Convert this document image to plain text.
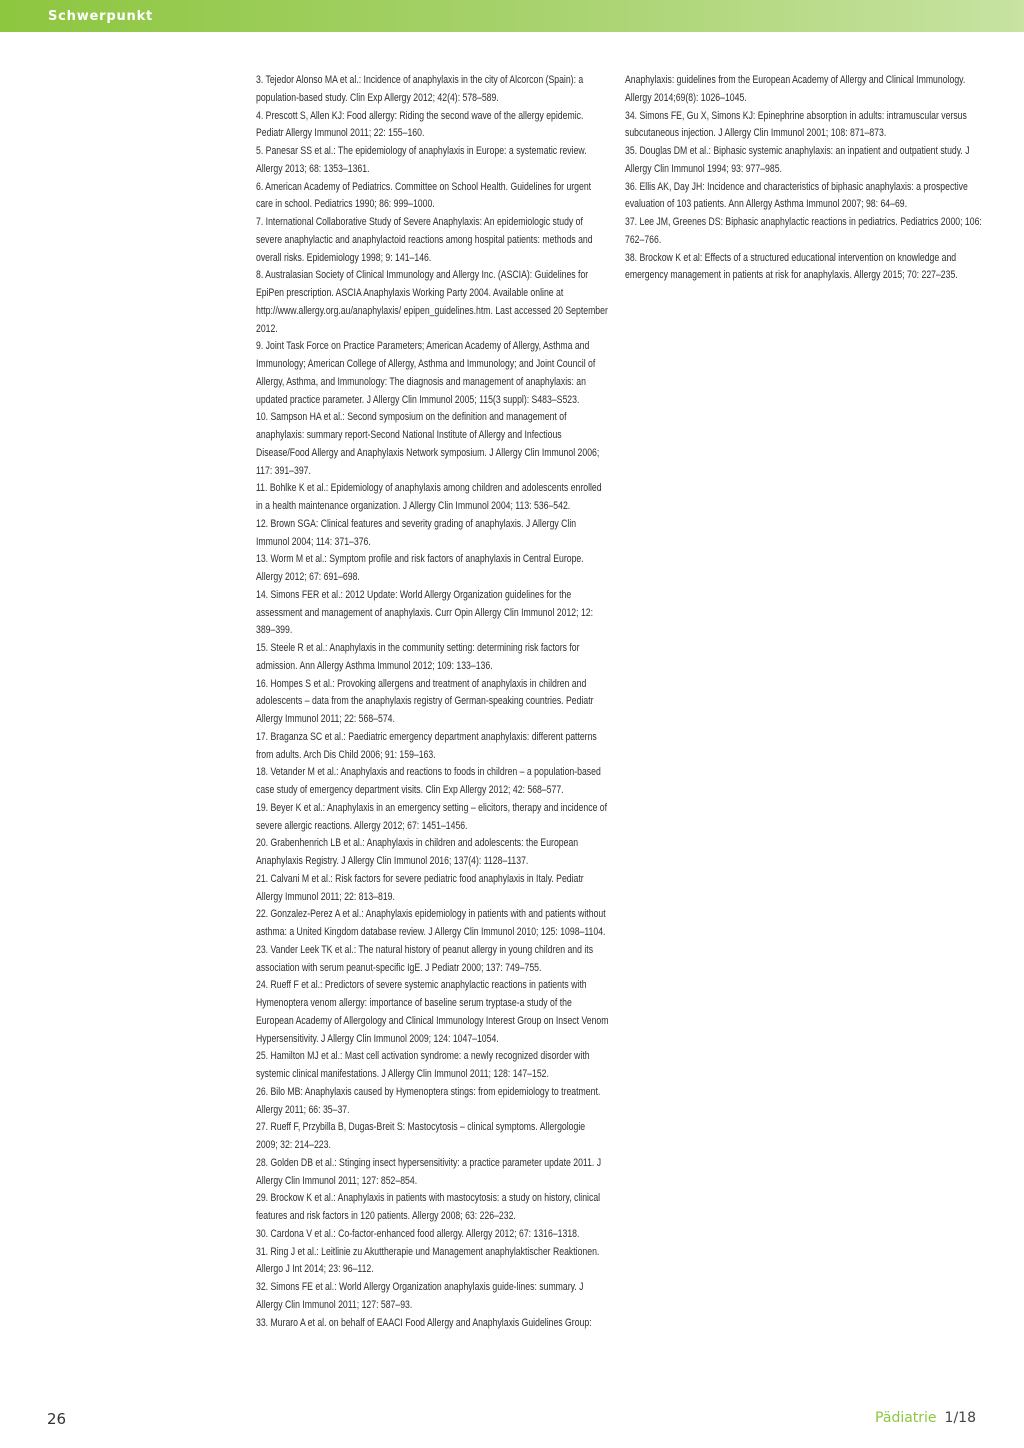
Schwerpunkt

3. Tejedor Alonso MA et al.: Incidence of anaphylaxis in the city of Alcorcon (Spain): a population-based study. Clin Exp Allergy 2012; 42(4): 578–589.

4. Prescott S, Allen KJ: Food allergy: Riding the second wave of the allergy epidemic. Pediatr Allergy Immunol 2011; 22: 155–160.

5. Panesar SS et al.: The epidemiology of anaphylaxis in Europe: a systematic review. Allergy 2013; 68: 1353–1361.

6. American Academy of Pediatrics. Committee on School Health. Guidelines for urgent care in school. Pediatrics 1990; 86: 999–1000.

7. International Collaborative Study of Severe Anaphylaxis: An epidemiologic study of severe anaphylactic and anaphylactoid reactions among hospital patients: methods and overall risks. Epidemiology 1998; 9: 141–146.

8. Australasian Society of Clinical Immunology and Allergy Inc. (ASCIA): Guidelines for EpiPen prescription. ASCIA Anaphylaxis Working Party 2004. Available online at http://www.allergy.org.au/anaphylaxis/ epipen_guidelines.htm. Last accessed 20 September 2012.

9. Joint Task Force on Practice Parameters; American Academy of Allergy, Asthma and Immunology; American College of Allergy, Asthma and Immunology; and Joint Council of Allergy, Asthma, and Immunology: The diagnosis and management of anaphylaxis: an updated practice parameter. J Allergy Clin Immunol 2005; 115(3 suppl): S483–S523.

10. Sampson HA et al.: Second symposium on the definition and management of anaphylaxis: summary report-Second National Institute of Allergy and Infectious Disease/Food Allergy and Anaphylaxis Network symposium. J Allergy Clin Immunol 2006; 117: 391–397.

11. Bohlke K et al.: Epidemiology of anaphylaxis among children and adolescents enrolled in a health maintenance organization. J Allergy Clin Immunol 2004; 113: 536–542.

12. Brown SGA: Clinical features and severity grading of anaphylaxis. J Allergy Clin Immunol 2004; 114: 371–376.

13. Worm M et al.: Symptom profile and risk factors of anaphylaxis in Central Europe. Allergy 2012; 67: 691–698.

14. Simons FER et al.: 2012 Update: World Allergy Organization guidelines for the assessment and management of anaphylaxis. Curr Opin Allergy Clin Immunol 2012; 12: 389–399.

15. Steele R et al.: Anaphylaxis in the community setting: determining risk factors for admission. Ann Allergy Asthma Immunol 2012; 109: 133–136.

16. Hompes S et al.: Provoking allergens and treatment of anaphylaxis in children and adolescents – data from the anaphylaxis registry of German-speaking countries. Pediatr Allergy Immunol 2011; 22: 568–574.

17. Braganza SC et al.: Paediatric emergency department anaphylaxis: different patterns from adults. Arch Dis Child 2006; 91: 159–163.

18. Vetander M et al.: Anaphylaxis and reactions to foods in children – a population-based case study of emergency department visits. Clin Exp Allergy 2012; 42: 568–577.

19. Beyer K et al.: Anaphylaxis in an emergency setting – elicitors, therapy and incidence of severe allergic reactions. Allergy 2012; 67: 1451–1456.

20. Grabenhenrich LB et al.: Anaphylaxis in children and adolescents: the European Anaphylaxis Registry. J Allergy Clin Immunol 2016; 137(4): 1128–1137.

21. Calvani M et al.: Risk factors for severe pediatric food anaphylaxis in Italy. Pediatr Allergy Immunol 2011; 22: 813–819.

22. Gonzalez-Perez A et al.: Anaphylaxis epidemiology in patients with and patients without asthma: a United Kingdom database review. J Allergy Clin Immunol 2010; 125: 1098–1104.

23. Vander Leek TK et al.: The natural history of peanut allergy in young children and its association with serum peanut-specific IgE. J Pediatr 2000; 137: 749–755.

24. Rueff F et al.: Predictors of severe systemic anaphylactic reactions in patients with Hymenoptera venom allergy: importance of baseline serum tryptase-a study of the European Academy of Allergology and Clinical Immunology Interest Group on Insect Venom Hypersensitivity. J Allergy Clin Immunol 2009; 124: 1047–1054.

25. Hamilton MJ et al.: Mast cell activation syndrome: a newly recognized disorder with systemic clinical manifestations. J Allergy Clin Immunol 2011; 128: 147–152.

26. Bilo MB: Anaphylaxis caused by Hymenoptera stings: from epidemiology to treatment. Allergy 2011; 66: 35–37.

27. Rueff F, Przybilla B, Dugas-Breit S: Mastocytosis – clinical symptoms. Allergologie 2009; 32: 214–223.

28. Golden DB et al.: Stinging insect hypersensitivity: a practice parameter update 2011. J Allergy Clin Immunol 2011; 127: 852–854.

29. Brockow K et al.: Anaphylaxis in patients with mastocytosis: a study on history, clinical features and risk factors in 120 patients. Allergy 2008; 63: 226–232.

30. Cardona V et al.: Co-factor-enhanced food allergy. Allergy 2012; 67: 1316–1318.

31. Ring J et al.: Leitlinie zu Akuttherapie und Management anaphylaktischer Reaktionen. Allergo J Int 2014; 23: 96–112.

32. Simons FE et al.: World Allergy Organization anaphylaxis guide-lines: summary. J Allergy Clin Immunol 2011; 127: 587–93.

33. Muraro A et al. on behalf of EAACI Food Allergy and Anaphylaxis Guidelines Group:

Anaphylaxis: guidelines from the European Academy of Allergy and Clinical Immunology. Allergy 2014;69(8): 1026–1045.

34. Simons FE, Gu X, Simons KJ: Epinephrine absorption in adults: intramuscular versus subcutaneous injection. J Allergy Clin Immunol 2001; 108: 871–873.

35. Douglas DM et al.: Biphasic systemic anaphylaxis: an inpatient and outpatient study. J Allergy Clin Immunol 1994; 93: 977–985.

36. Ellis AK, Day JH: Incidence and characteristics of biphasic anaphylaxis: a prospective evaluation of 103 patients. Ann Allergy Asthma Immunol 2007; 98: 64–69.

37. Lee JM, Greenes DS: Biphasic anaphylactic reactions in pediatrics. Pediatrics 2000; 106: 762–766.

38. Brockow K et al: Effects of a structured educational intervention on knowledge and emergency management in patients at risk for anaphylaxis. Allergy 2015; 70: 227–235.

26	Pädiatrie 1/18
